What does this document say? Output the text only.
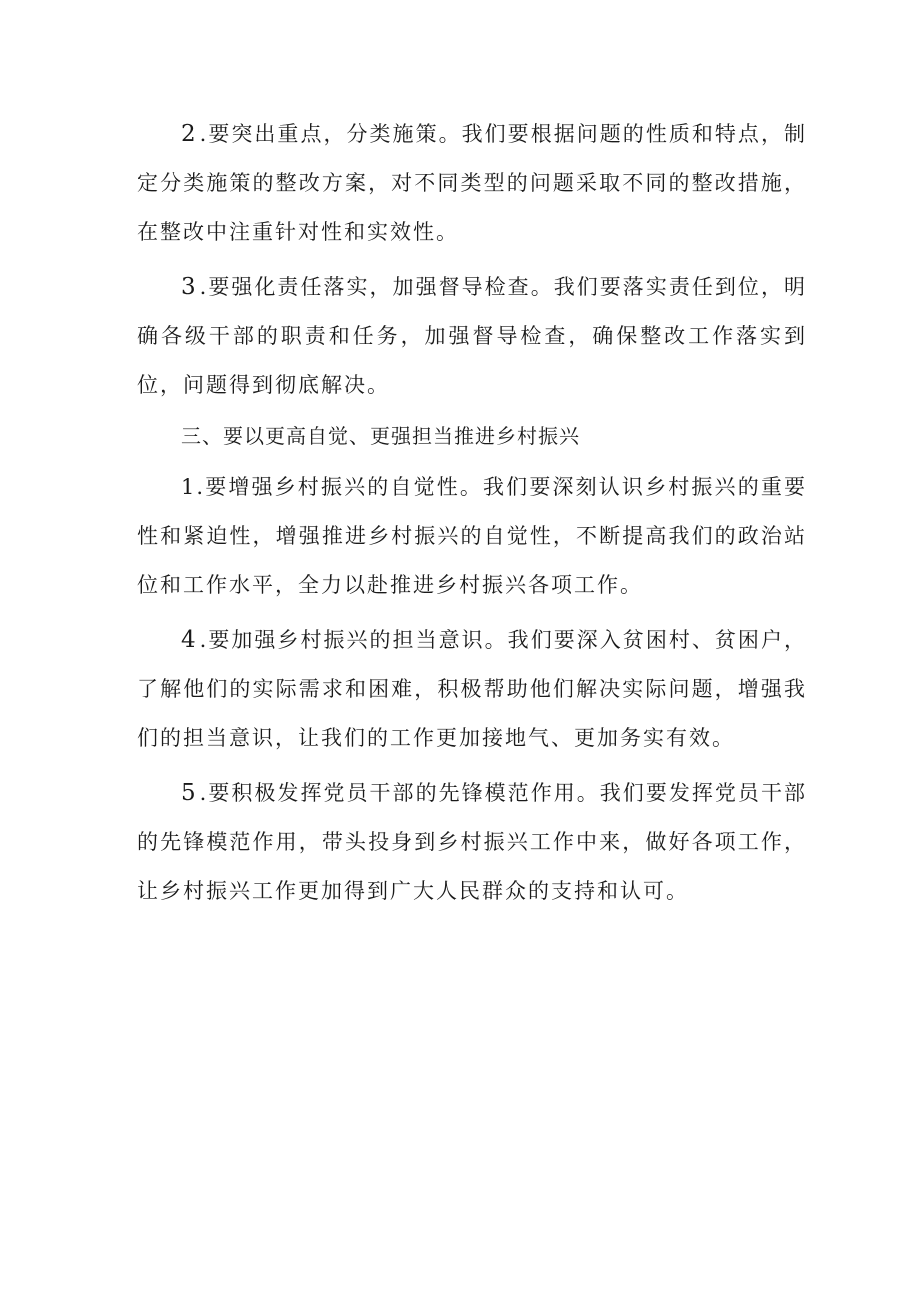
2 .要突出重点，分类施策。我们要根据问题的性质和特点，制定分类施策的整改方案，对不同类型的问题采取不同的整改措施，在整改中注重针对性和实效性。

3 .要强化责任落实，加强督导检查。我们要落实责任到位，明确各级干部的职责和任务，加强督导检查，确保整改工作落实到位，问题得到彻底解决。

三、要以更高自觉、更强担当推进乡村振兴

1.要增强乡村振兴的自觉性。我们要深刻认识乡村振兴的重要性和紧迫性，增强推进乡村振兴的自觉性，不断提高我们的政治站位和工作水平，全力以赴推进乡村振兴各项工作。

4 .要加强乡村振兴的担当意识。我们要深入贫困村、贫困户，了解他们的实际需求和困难，积极帮助他们解决实际问题，增强我们的担当意识，让我们的工作更加接地气、更加务实有效。

5 .要积极发挥党员干部的先锋模范作用。我们要发挥党员干部的先锋模范作用，带头投身到乡村振兴工作中来，做好各项工作，让乡村振兴工作更加得到广大人民群众的支持和认可。
